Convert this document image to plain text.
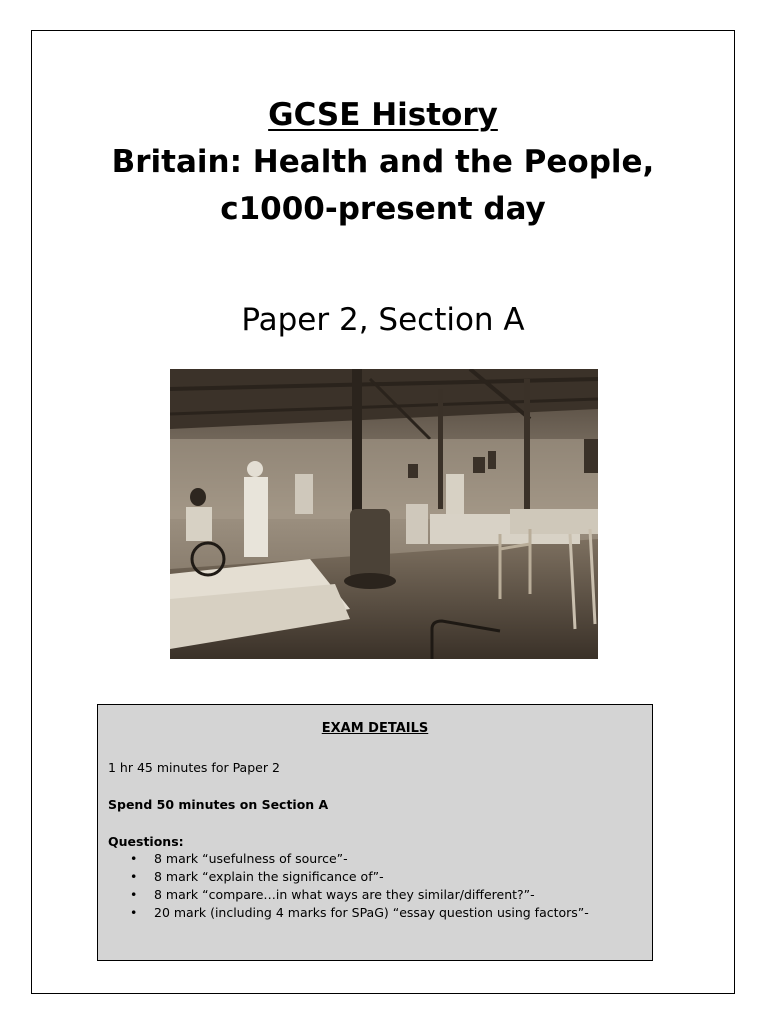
GCSE History

Britain: Health and the People,

c1000-present day

Paper 2, Section A

EXAM DETAILS

1 hr 45 minutes for Paper 2

Spend 50 minutes on Section A

Questions:

• 8 mark “usefulness of source”-
• 8 mark “explain the significance of”-
• 8 mark “compare…in what ways are they similar/different?”-
• 20 mark (including 4 marks for SPaG) “essay question using factors”-
